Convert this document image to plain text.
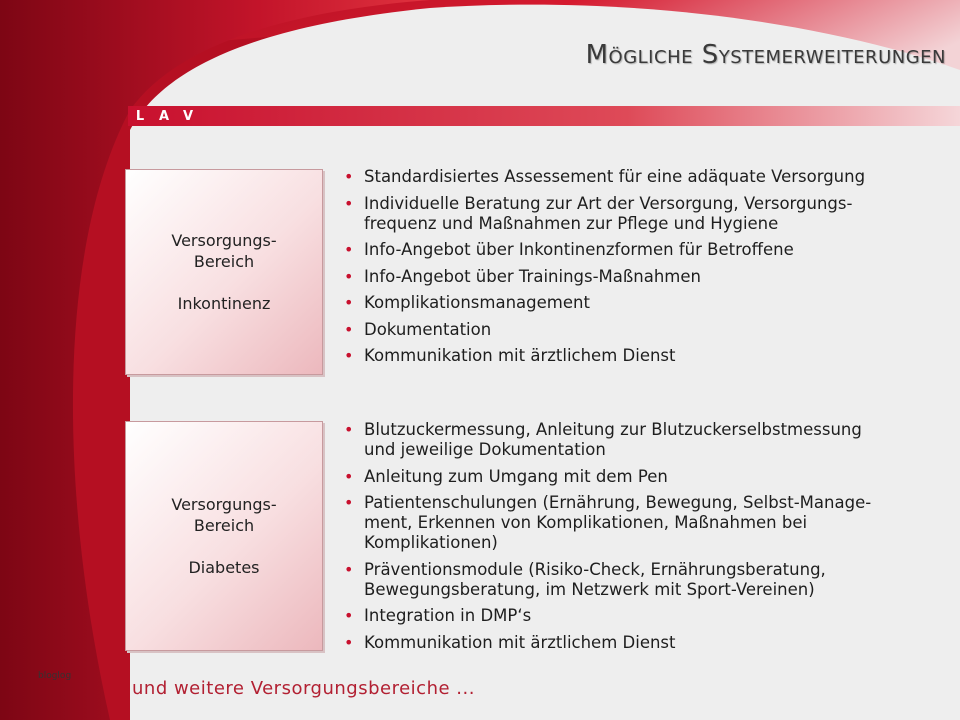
Mögliche Systemerweiterungen
L	A	V
Versorgungs-
Bereich
Inkontinenz
• Standardisiertes Assessement für eine adäquate Versorgung
• Individuelle Beratung zur Art der Versorgung, Versorgungs-
frequenz und Maßnahmen zur Pflege und Hygiene
• Info-Angebot über Inkontinenzformen für Betroffene
• Info-Angebot über Trainings-Maßnahmen
• Komplikationsmanagement
• Dokumentation
• Kommunikation mit ärztlichem Dienst
Versorgungs-
Bereich
Diabetes
• Blutzuckermessung, Anleitung zur Blutzuckerselbstmessung
und jeweilige Dokumentation
• Anleitung zum Umgang mit dem Pen
• Patientenschulungen (Ernährung, Bewegung, Selbst-Manage-
ment, Erkennen von Komplikationen, Maßnahmen bei
Komplikationen)
• Präventionsmodule (Risiko-Check, Ernährungsberatung,
Bewegungsberatung, im Netzwerk mit Sport-Vereinen)
• Integration in DMP‘s
• Kommunikation mit ärztlichem Dienst
und weitere Versorgungsbereiche ...
bloglog
